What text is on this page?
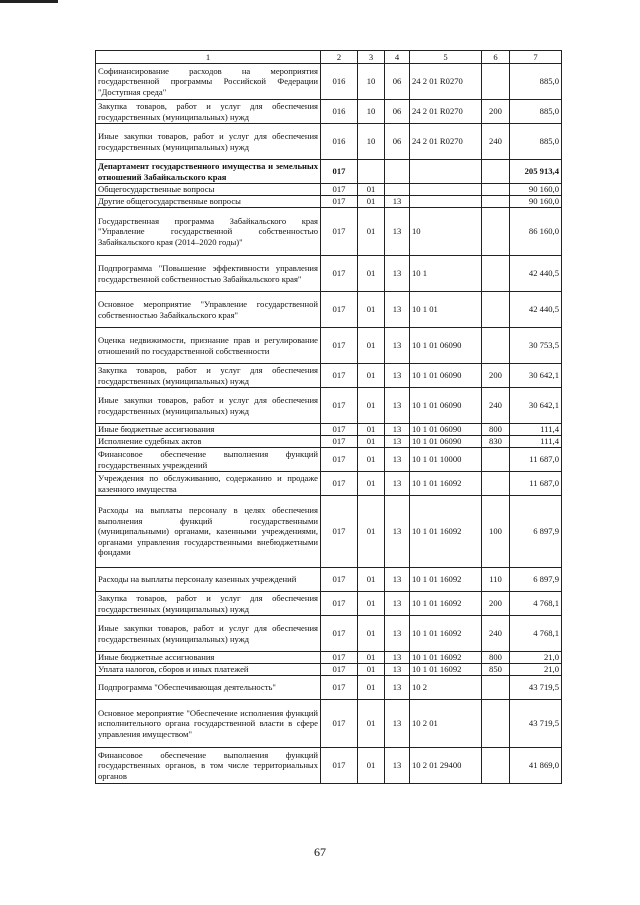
1	2	3	4	5	6	7
Софинансирование расходов на мероприятия государственной программы Российской Федерации "Доступная среда"	016	10	06	24 2 01 R0270		885,0
Закупка товаров, работ и услуг для обеспечения государственных (муниципальных) нужд	016	10	06	24 2 01 R0270	200	885,0
Иные закупки товаров, работ и услуг для обеспечения государственных (муниципальных) нужд	016	10	06	24 2 01 R0270	240	885,0
Департамент государственного имущества и земельных отношений Забайкальского края	017					205 913,4
Общегосударственные вопросы	017	01				90 160,0
Другие общегосударственные вопросы	017	01	13			90 160,0
Государственная программа Забайкальского края "Управление государственной собственностью Забайкальского края (2014–2020 годы)"	017	01	13	10		86 160,0
Подпрограмма "Повышение эффективности управления государственной собственностью Забайкальского края"	017	01	13	10 1		42 440,5
Основное мероприятие "Управление государственной собственностью Забайкальского края"	017	01	13	10 1 01		42 440,5
Оценка недвижимости, признание прав и регулирование отношений по государственной собственности	017	01	13	10 1 01 06090		30 753,5
Закупка товаров, работ и услуг для обеспечения государственных (муниципальных) нужд	017	01	13	10 1 01 06090	200	30 642,1
Иные закупки товаров, работ и услуг для обеспечения государственных (муниципальных) нужд	017	01	13	10 1 01 06090	240	30 642,1
Иные бюджетные ассигнования	017	01	13	10 1 01 06090	800	111,4
Исполнение судебных актов	017	01	13	10 1 01 06090	830	111,4
Финансовое обеспечение выполнения функций государственных учреждений	017	01	13	10 1 01 10000		11 687,0
Учреждения по обслуживанию, содержанию и продаже казенного имущества	017	01	13	10 1 01 16092		11 687,0
Расходы на выплаты персоналу в целях обеспечения выполнения функций государственными (муниципальными) органами, казенными учреждениями, органами управления государственными внебюджетными фондами	017	01	13	10 1 01 16092	100	6 897,9
Расходы на выплаты персоналу казенных учреждений	017	01	13	10 1 01 16092	110	6 897,9
Закупка товаров, работ и услуг для обеспечения государственных (муниципальных) нужд	017	01	13	10 1 01 16092	200	4 768,1
Иные закупки товаров, работ и услуг для обеспечения государственных (муниципальных) нужд	017	01	13	10 1 01 16092	240	4 768,1
Иные бюджетные ассигнования	017	01	13	10 1 01 16092	800	21,0
Уплата налогов, сборов и иных платежей	017	01	13	10 1 01 16092	850	21,0
Подпрограмма "Обеспечивающая деятельность"	017	01	13	10 2		43 719,5
Основное мероприятие "Обеспечение исполнения функций исполнительного органа государственной власти в сфере управления имуществом"	017	01	13	10 2 01		43 719,5
Финансовое обеспечение выполнения функций государственных органов, в том числе территориальных органов	017	01	13	10 2 01 29400		41 869,0
67
